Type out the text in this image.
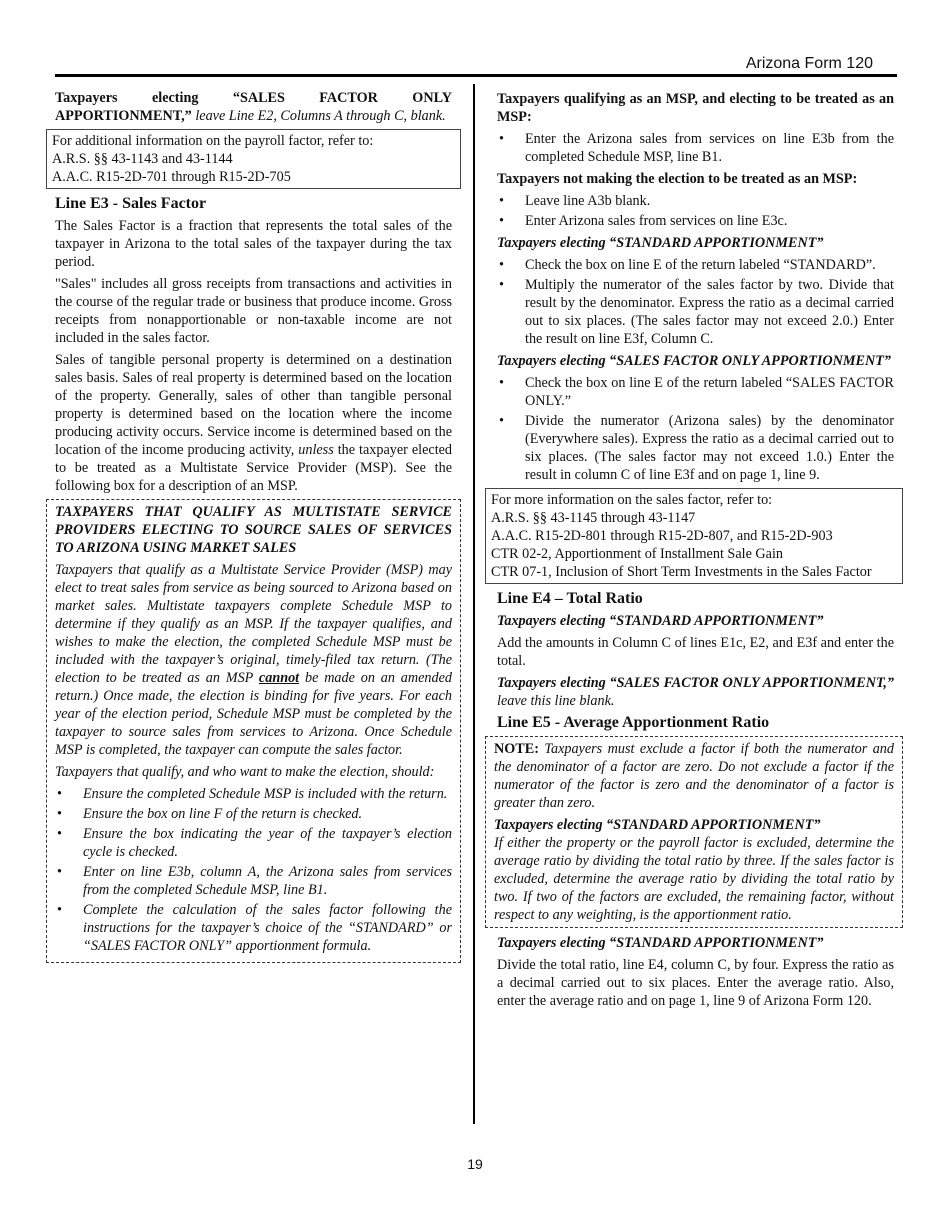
Arizona Form 120

Taxpayers electing “SALES FACTOR ONLY APPORTIONMENT,” leave Line E2, Columns A through C, blank.

For additional information on the payroll factor, refer to:
A.R.S. §§ 43-1143 and 43-1144
A.A.C. R15-2D-701 through R15-2D-705
Line E3 - Sales Factor

The Sales Factor is a fraction that represents the total sales of the taxpayer in Arizona to the total sales of the taxpayer during the tax period.

"Sales" includes all gross receipts from transactions and activities in the course of the regular trade or business that produce income. Gross receipts from nonapportionable or non-taxable income are not included in the sales factor.

Sales of tangible personal property is determined on a destination sales basis. Sales of real property is determined based on the location of the property. Generally, sales of other than tangible personal property is determined based on the location where the income producing activity occurs. Service income is determined based on the location of the income producing activity, unless the taxpayer elected to be treated as a Multistate Service Provider (MSP). See the following box for a description of an MSP.

TAXPAYERS THAT QUALIFY AS MULTISTATE SERVICE PROVIDERS ELECTING TO SOURCE SALES OF SERVICES TO ARIZONA USING MARKET SALES

Taxpayers that qualify as a Multistate Service Provider (MSP) may elect to treat sales from service as being sourced to Arizona based on market sales. Multistate taxpayers complete Schedule MSP to determine if they qualify as an MSP. If the taxpayer qualifies, and wishes to make the election, the completed Schedule MSP must be included with the taxpayer’s original, timely-filed tax return. (The election to be treated as an MSP cannot be made on an amended return.) Once made, the election is binding for five years. For each year of the election period, Schedule MSP must be completed by the taxpayer to source sales from services to Arizona. Once Schedule MSP is completed, the taxpayer can compute the sales factor.

Taxpayers that qualify, and who want to make the election, should:

• Ensure the completed Schedule MSP is included with the return.
• Ensure the box on line F of the return is checked.
• Ensure the box indicating the year of the taxpayer’s election cycle is checked.
• Enter on line E3b, column A, the Arizona sales from services from the completed Schedule MSP, line B1.
• Complete the calculation of the sales factor following the instructions for the taxpayer’s choice of the “STANDARD” or “SALES FACTOR ONLY” apportionment formula.

Taxpayers qualifying as an MSP, and electing to be treated as an MSP:

• Enter the Arizona sales from services on line E3b from the completed Schedule MSP, line B1.

Taxpayers not making the election to be treated as an MSP:

• Leave line A3b blank.
• Enter Arizona sales from services on line E3c.

Taxpayers electing “STANDARD APPORTIONMENT”

• Check the box on line E of the return labeled “STANDARD”.
• Multiply the numerator of the sales factor by two. Divide that result by the denominator. Express the ratio as a decimal carried out to six places. (The sales factor may not exceed 2.0.) Enter the result on line E3f, Column C.

Taxpayers electing “SALES FACTOR ONLY APPORTIONMENT”

• Check the box on line E of the return labeled “SALES FACTOR ONLY.”
• Divide the numerator (Arizona sales) by the denominator (Everywhere sales). Express the ratio as a decimal carried out to six places. (The sales factor may not exceed 1.0.) Enter the result in column C of line E3f and on page 1, line 9.
For more information on the sales factor, refer to:
A.R.S. §§ 43-1145 through 43-1147
A.A.C. R15-2D-801 through R15-2D-807, and R15-2D-903
CTR 02-2, Apportionment of Installment Sale Gain
CTR 07-1, Inclusion of Short Term Investments in the Sales Factor
Line E4 – Total Ratio

Taxpayers electing “STANDARD APPORTIONMENT”

Add the amounts in Column C of lines E1c, E2, and E3f and enter the total.

Taxpayers electing “SALES FACTOR ONLY APPORTIONMENT,” leave this line blank.

Line E5 - Average Apportionment Ratio

NOTE: Taxpayers must exclude a factor if both the numerator and the denominator of a factor are zero. Do not exclude a factor if the numerator of the factor is zero and the denominator of a factor is greater than zero.

Taxpayers electing “STANDARD APPORTIONMENT”

If either the property or the payroll factor is excluded, determine the average ratio by dividing the total ratio by three. If the sales factor is excluded, determine the average ratio by dividing the total ratio by two. If two of the factors are excluded, the remaining factor, without respect to any weighting, is the apportionment ratio.

Taxpayers electing “STANDARD APPORTIONMENT”

Divide the total ratio, line E4, column C, by four. Express the ratio as a decimal carried out to six places. Enter the average ratio. Also, enter the average ratio and on page 1, line 9 of Arizona Form 120.

19
